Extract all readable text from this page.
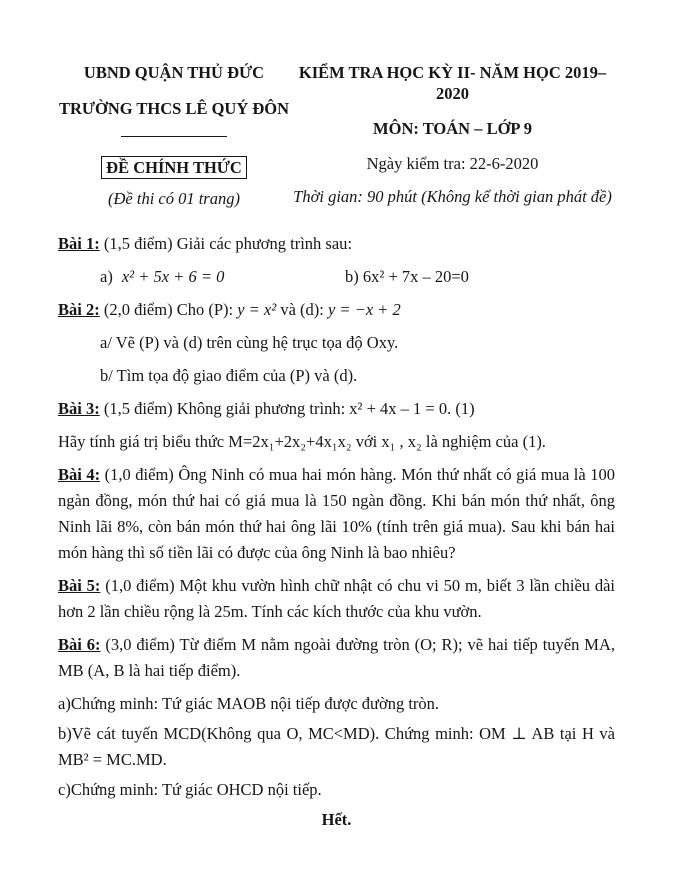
UBND QUẬN THỦ ĐỨC
TRƯỜNG THCS LÊ QUÝ ĐÔN
ĐỀ CHÍNH THỨC
(Đề thi có 01 trang)
KIỂM TRA HỌC KỲ II- NĂM HỌC 2019–2020
MÔN: TOÁN – LỚP 9
Ngày kiểm tra: 22-6-2020
Thời gian: 90 phút (Không kể thời gian phát đề)

Bài 1: (1,5 điểm) Giải các phương trình sau:

a) x² + 5x + 6 = 0	b) 6x² + 7x – 20=0

Bài 2: (2,0 điểm) Cho (P): y = x² và (d): y = −x + 2

a/ Vẽ (P) và (d) trên cùng hệ trục tọa độ Oxy.

b/ Tìm tọa độ giao điểm của (P) và (d).

Bài 3: (1,5 điểm) Không giải phương trình: x² + 4x – 1 = 0. (1)

Hãy tính giá trị biểu thức M=2x₁+2x₂+4x₁x₂ với x₁ , x₂ là nghiệm của (1).

Bài 4: (1,0 điểm) Ông Ninh có mua hai món hàng. Món thứ nhất có giá mua là 100 ngàn đồng, món thứ hai có giá mua là 150 ngàn đồng. Khi bán món thứ nhất, ông Ninh lãi 8%, còn bán món thứ hai ông lãi 10% (tính trên giá mua). Sau khi bán hai món hàng thì số tiền lãi có được của ông Ninh là bao nhiêu?

Bài 5: (1,0 điểm) Một khu vườn hình chữ nhật có chu vi 50 m, biết 3 lần chiều dài hơn 2 lần chiều rộng là 25m. Tính các kích thước của khu vườn.

Bài 6: (3,0 điểm) Từ điểm M nằm ngoài đường tròn (O; R); vẽ hai tiếp tuyến MA, MB (A, B là hai tiếp điểm).

a)Chứng minh: Tứ giác MAOB nội tiếp được đường tròn.

b)Vẽ cát tuyến MCD(Không qua O, MC<MD). Chứng minh: OM ⊥ AB tại H và MB² = MC.MD.

c)Chứng minh: Tứ giác OHCD nội tiếp.

Hết.
